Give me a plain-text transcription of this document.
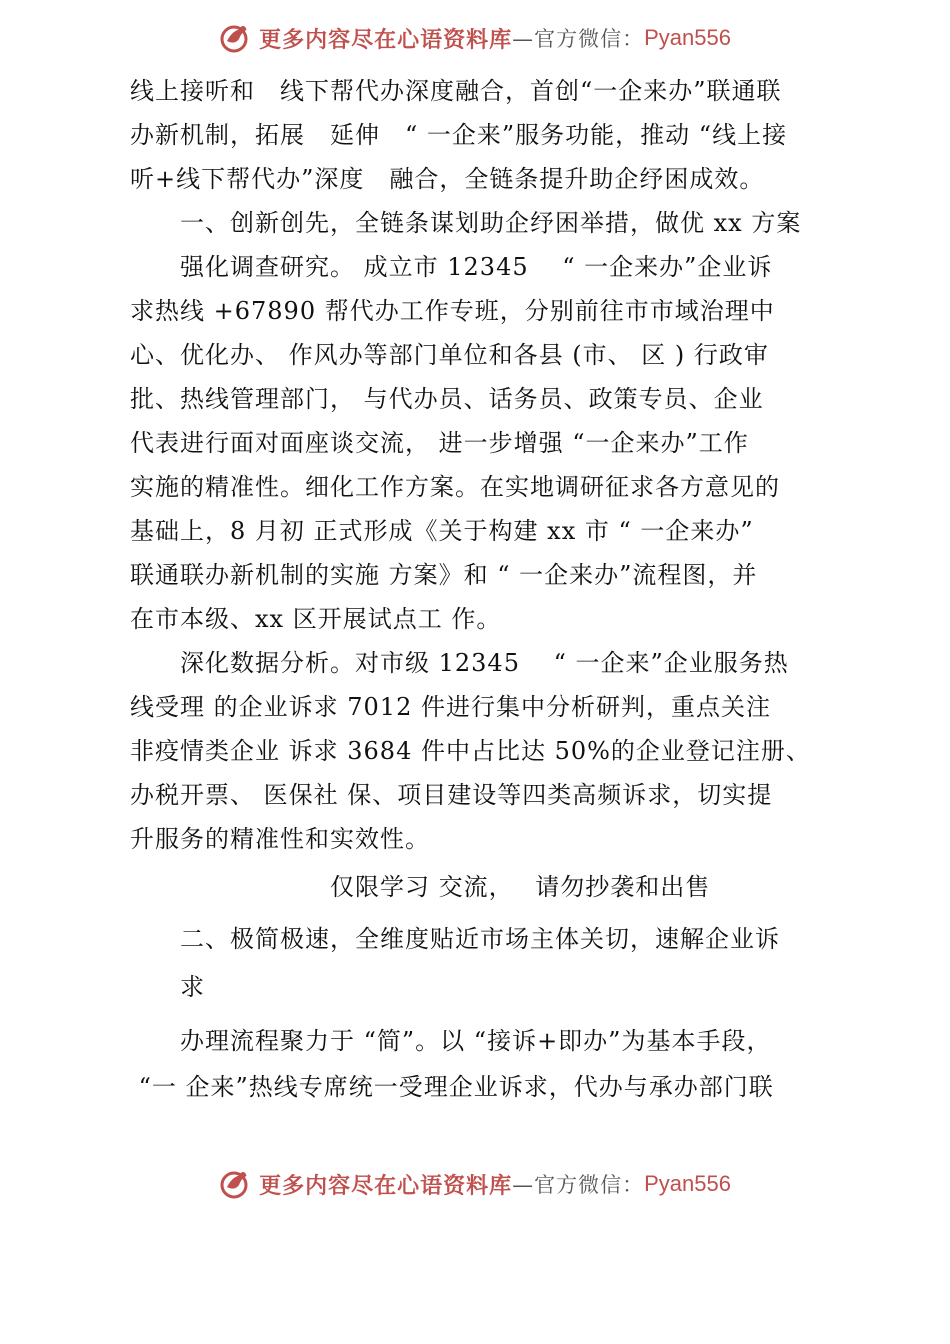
更多内容尽在心语资料库 —官方微信： Pyan556
线上接听和　线下帮代办深度融合，首创“一企来办”联通联
办新机制，拓展　延伸　“ 一企来”服务功能，推动 “线上接
听+线下帮代办”深度　融合，全链条提升助企纾困成效。
　　一、创新创先，全链条谋划助企纾困举措，做优 xx 方案
　　强化调查研究。 成立市 12345　 “ 一企来办”企业诉
求热线 +67890 帮代办工作专班，分别前往市市域治理中
心、优化办、 作风办等部门单位和各县 (市、 区 ) 行政审
批、热线管理部门， 与代办员、话务员、政策专员、企业
代表进行面对面座谈交流， 进一步增强 “一企来办”工作
实施的精准性。细化工作方案。在实地调研征求各方意见的
基础上，8 月初 正式形成《关于构建 xx 市 “ 一企来办”
联通联办新机制的实施 方案》和 “ 一企来办”流程图，并
在市本级、xx 区开展试点工 作。
　　深化数据分析。对市级 12345　 “ 一企来”企业服务热
线受理 的企业诉求 7012 件进行集中分析研判，重点关注
非疫情类企业 诉求 3684 件中占比达 50%的企业登记注册、
办税开票、 医保社 保、项目建设等四类高频诉求，切实提
升服务的精准性和实效性。
　　　　　　　　仅限学习 交流，　 请勿抄袭和出售
　　二、极简极速，全维度贴近市场主体关切，速解企业诉
　　求
　　办理流程聚力于 “简”。以 “接诉+即办”为基本手段，
“一 企来”热线专席统一受理企业诉求，代办与承办部门联
更多内容尽在心语资料库 —官方微信： Pyan556
